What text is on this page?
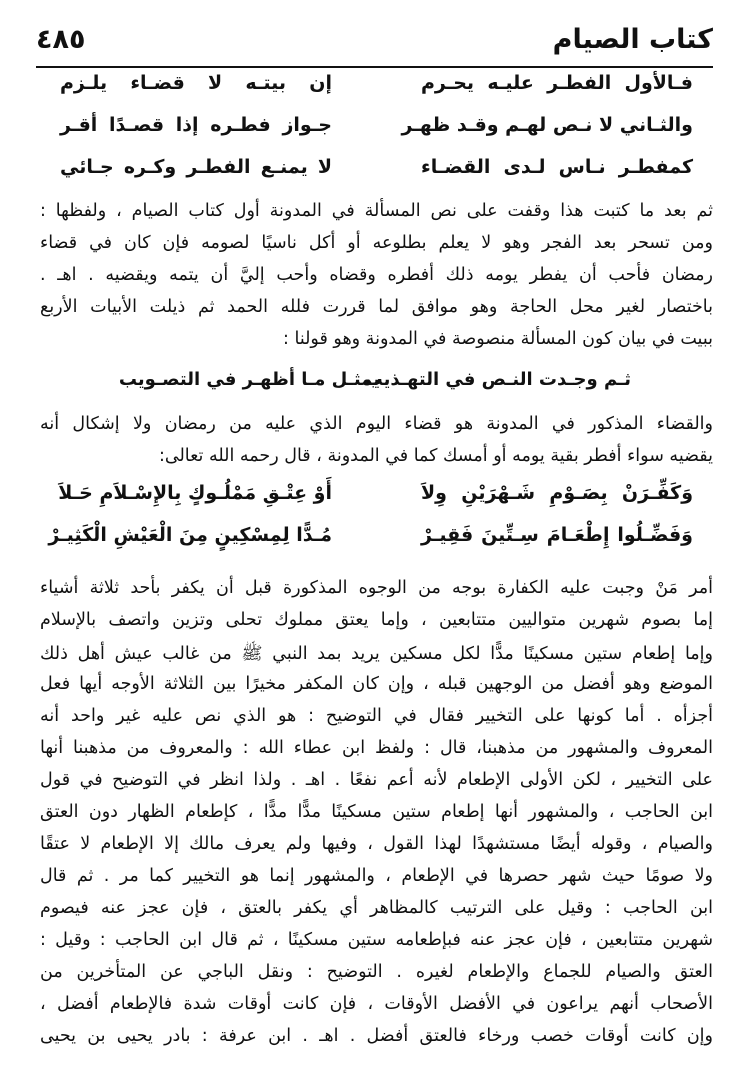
كتاب الصيام
٤٨٥
فـالأول الفطـر عليـه يحـرم
إن بيتـه لا قضـاء يلـزم
والثـاني لا نـص لهـم وقـد ظهـر
جـواز فطـره إذا قصـدًا أقـر
كمفطـر نـاس لـدى القضـاء
لا يمنـع الفطـر وكـره جـائي
ثم بعد ما كتبت هذا وقفت على نص المسألة في المدونة أول كتاب الصيام ، ولفظها :
ومن تسحر بعد الفجر وهو لا يعلم بطلوعه أو أكل ناسيًا لصومه فإن كان في قضاء
رمضان فأحب أن يفطر يومه ذلك أفطره وقضاه وأحب إليَّ أن يتمه ويقضيه . اهـ .
باختصار لغير محل الحاجة وهو موافق لما قررت فلله الحمد ثم ذيلت الأبيات الأربع
ببيت في بيان كون المسألة منصوصة في المدونة وهو قولنا :
ثـم وجـدت النـص في التهـذيب
يمثـل مـا أظهـر في التصـويب
والقضاء المذكور في المدونة هو قضاء اليوم الذي عليه من رمضان ولا إشكال أنه
يقضيه سواء أفطر بقية يومه أو أمسك كما في المدونة ، قال رحمه الله تعالى:
وَكَفِّـرَنْ بِصَـوْمِ شَـهْرَيْنِ وِلاَ
أَوْ عِتْـقِ مَمْلُـوكٍ بِالإِسْـلاَمِ حَـلاَ
وَفَضِّـلُوا إِطْعَـامَ سِـتِّينَ فَقِيـرْ
مُـدًّا لِمِسْكِينٍ مِنَ الْعَيْشِ الْكَثِيـرْ
أمر مَنْ وجبت عليه الكفارة بوجه من الوجوه المذكورة قبل أن يكفر بأحد ثلاثة أشياء
إما بصوم شهرين متواليين متتابعين ، وإما يعتق مملوك تحلى وتزين واتصف بالإسلام
وإما إطعام ستين مسكينًا مدًّا لكل مسكين يريد بمد النبي ﷺ من غالب عيش أهل ذلك
الموضع وهو أفضل من الوجهين قبله ، وإن كان المكفر مخيرًا بين الثلاثة الأوجه أيها فعل
أجزأه . أما كونها على التخيير فقال في التوضيح : هو الذي نص عليه غير واحد أنه
المعروف والمشهور من مذهبنا، قال : ولفظ ابن عطاء الله : والمعروف من مذهبنا أنها
على التخيير ، لكن الأولى الإطعام لأنه أعم نفعًا . اهـ . ولذا انظر في التوضيح في قول
ابن الحاجب ، والمشهور أنها إطعام ستين مسكينًا مدًّا مدًّا ، كإطعام الظهار دون العتق
والصيام ، وقوله أيضًا مستشهدًا لهذا القول ، وفيها ولم يعرف مالك إلا الإطعام لا عتقًا
ولا صومًا حيث شهر حصرها في الإطعام ، والمشهور إنما هو التخيير كما مر . ثم قال
ابن الحاجب : وقيل على الترتيب كالمظاهر أي يكفر بالعتق ، فإن عجز عنه فيصوم
شهرين متتابعين ، فإن عجز عنه فبإطعامه ستين مسكينًا ، ثم قال ابن الحاجب : وقيل :
العتق والصيام للجماع والإطعام لغيره . التوضيح : ونقل الباجي عن المتأخرين من
الأصحاب أنهم يراعون في الأفضل الأوقات ، فإن كانت أوقات شدة فالإطعام أفضل ،
وإن كانت أوقات خصب ورخاء فالعتق أفضل . اهـ . ابن عرفة : بادر يحيى بن يحيى
